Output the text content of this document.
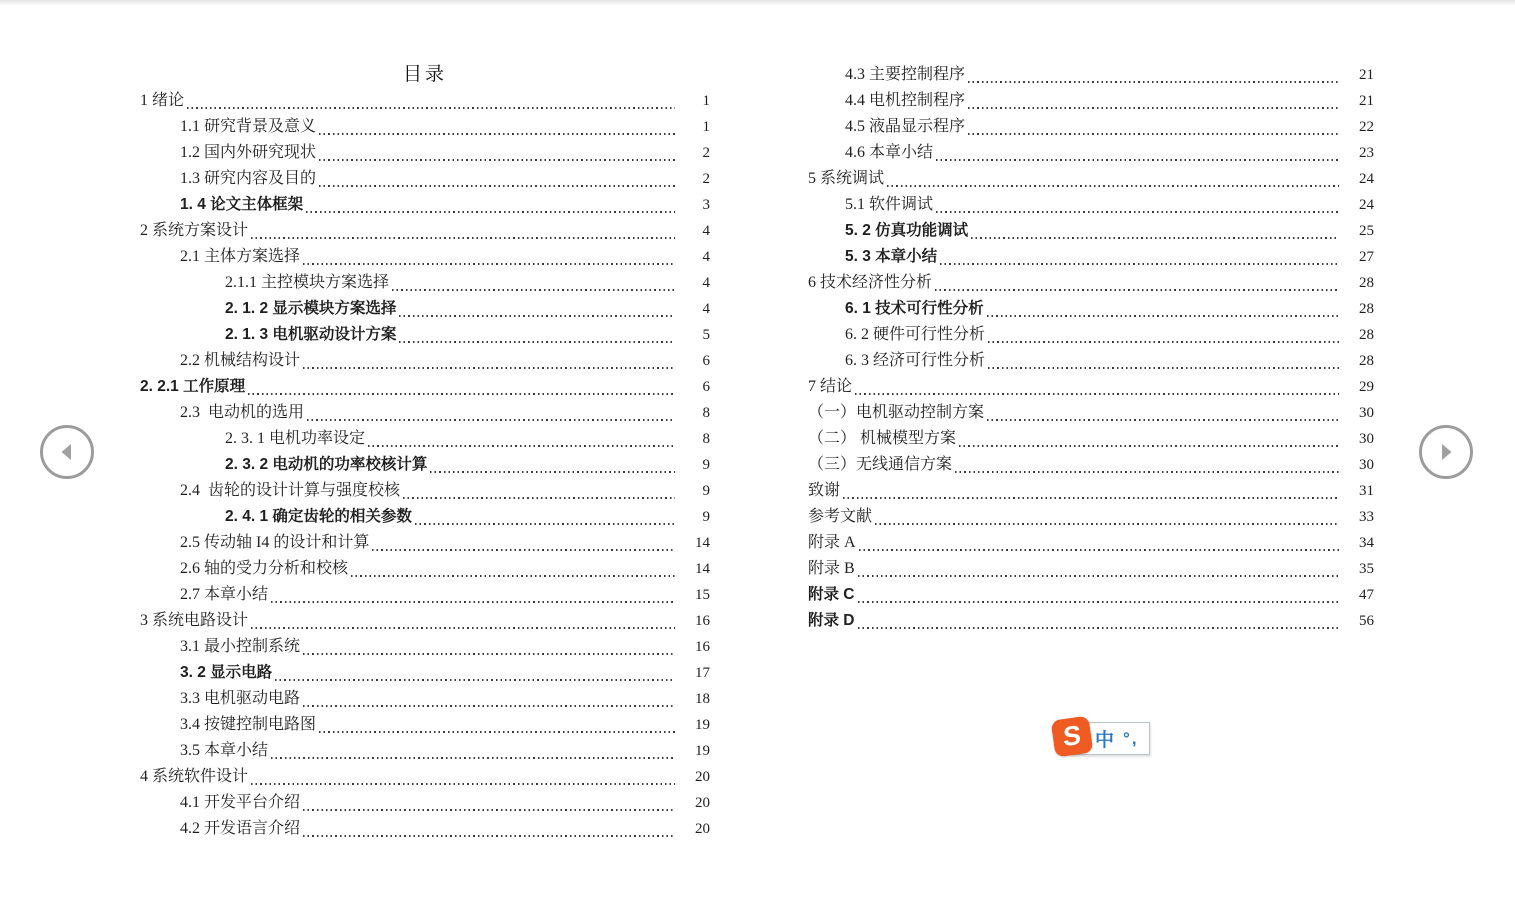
目录
1 绪论	1
1.1 研究背景及意义	1
1.2 国内外研究现状	2
1.3 研究内容及目的	2
1. 4 论文主体框架	3
2 系统方案设计	4
2.1 主体方案选择	4
2.1.1 主控模块方案选择	4
2. 1. 2 显示模块方案选择	4
2. 1. 3 电机驱动设计方案	5
2.2 机械结构设计	6
2. 2.1 工作原理	6
2.3  电动机的选用	8
2. 3. 1 电机功率设定	8
2. 3. 2 电动机的功率校核计算	9
2.4  齿轮的设计计算与强度校核	9
2. 4. 1 确定齿轮的相关参数	9
2.5 传动轴 I4 的设计和计算	14
2.6 轴的受力分析和校核	14
2.7 本章小结	15
3 系统电路设计	16
3.1 最小控制系统	16
3. 2 显示电路	17
3.3 电机驱动电路	18
3.4 按键控制电路图	19
3.5 本章小结	19
4 系统软件设计	20
4.1 开发平台介绍	20
4.2 开发语言介绍	20
4.3 主要控制程序	21
4.4 电机控制程序	21
4.5 液晶显示程序	22
4.6 本章小结	23
5 系统调试	24
5.1 软件调试	24
5. 2 仿真功能调试	25
5. 3 本章小结	27
6 技术经济性分析	28
6. 1 技术可行性分析	28
6. 2 硬件可行性分析	28
6. 3 经济可行性分析	28
7 结论	29
（一）电机驱动控制方案	30
（二） 机械模型方案	30
（三）无线通信方案	30
致谢	31
参考文献	33
附录 A	34
附录 B	35
附录 C	47
附录 D	56
中 °,
S
